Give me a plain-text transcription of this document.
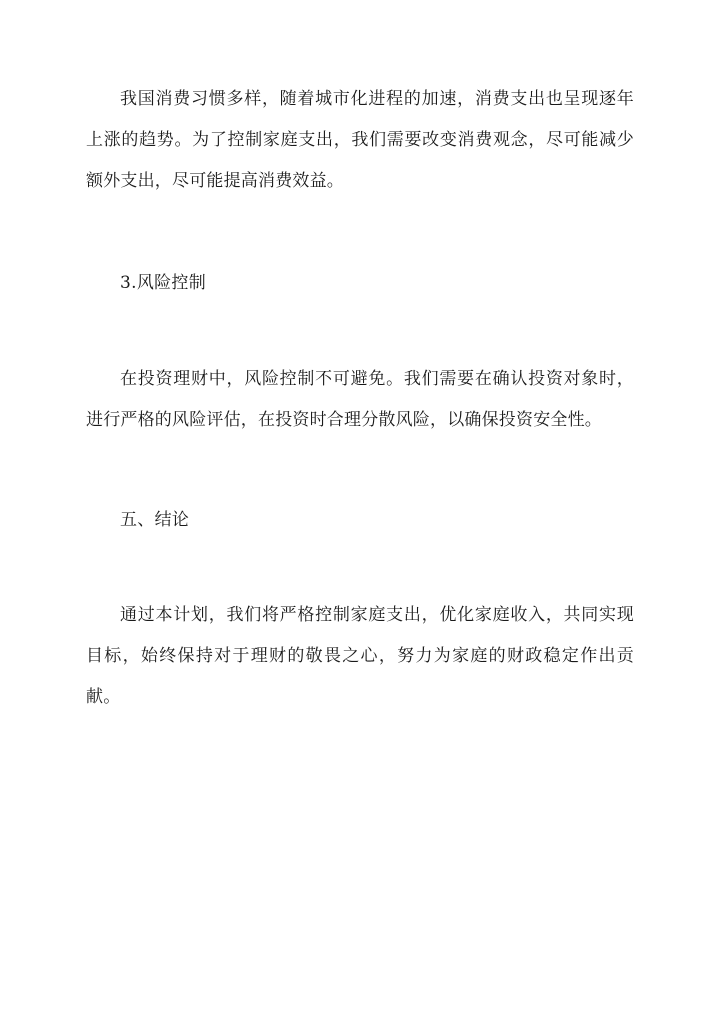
我国消费习惯多样，随着城市化进程的加速，消费支出也呈现逐年上涨的趋势。为了控制家庭支出，我们需要改变消费观念，尽可能减少额外支出，尽可能提高消费效益。

3.风险控制

在投资理财中，风险控制不可避免。我们需要在确认投资对象时，进行严格的风险评估，在投资时合理分散风险，以确保投资安全性。

五、结论

通过本计划，我们将严格控制家庭支出，优化家庭收入，共同实现目标，始终保持对于理财的敬畏之心，努力为家庭的财政稳定作出贡献。
